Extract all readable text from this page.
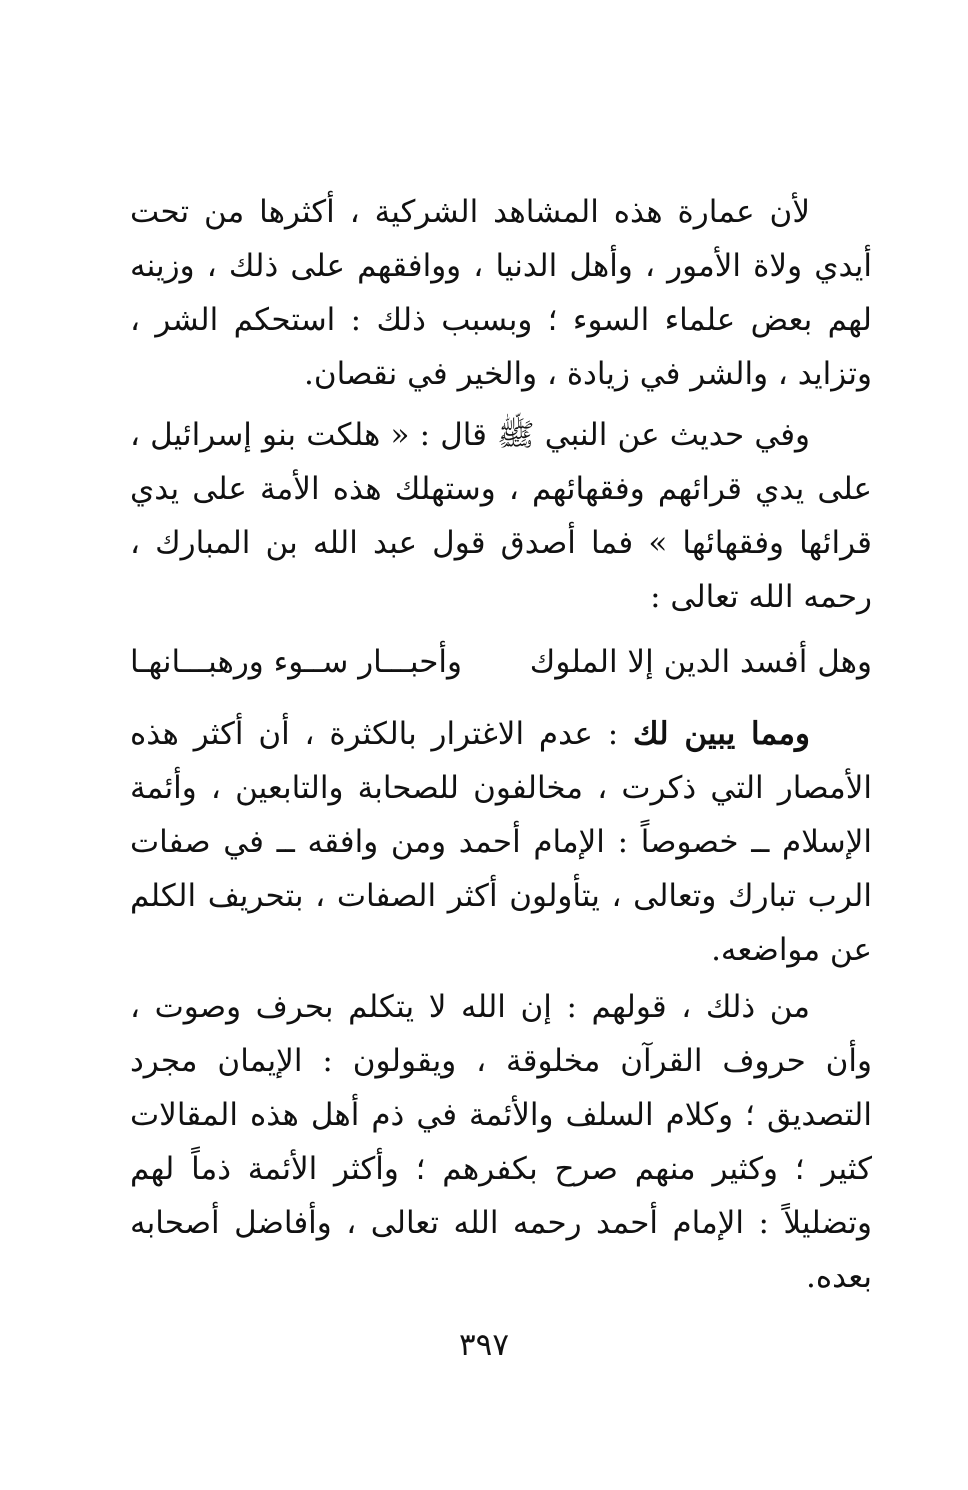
لأن عمارة هذه المشاهد الشركية ، أكثرها من تحت أيدي ولاة الأمور ، وأهل الدنيا ، ووافقهم على ذلك ، وزينه لهم بعض علماء السوء ؛ وبسبب ذلك : استحكم الشر ، وتزايد ، والشر في زيادة ، والخير في نقصان.

وفي حديث عن النبي ﷺ قال : « هلكت بنو إسرائيل ، على يدي قرائهم وفقهائهم ، وستهلك هذه الأمة على يدي قرائها وفقهائها » فما أصدق قول عبد الله بن المبارك ، رحمه الله تعالى :

وهل أفسد الدين إلا الملوك
وأحبـــار ســوء ورهبـــانهـا

ومما يبين لك : عدم الاغترار بالكثرة ، أن أكثر هذه الأمصار التي ذكرت ، مخالفون للصحابة والتابعين ، وأئمة الإسلام ــ خصوصاً : الإمام أحمد ومن وافقه ــ في صفات الرب تبارك وتعالى ، يتأولون أكثر الصفات ، بتحريف الكلم عن مواضعه.

من ذلك ، قولهم : إن الله لا يتكلم بحرف وصوت ، وأن حروف القرآن مخلوقة ، ويقولون : الإيمان مجرد التصديق ؛ وكلام السلف والأئمة في ذم أهل هذه المقالات كثير ؛ وكثير منهم صرح بكفرهم ؛ وأكثر الأئمة ذماً لهم وتضليلاً : الإمام أحمد رحمه الله تعالى ، وأفاضل أصحابه بعده.

٣٩٧
